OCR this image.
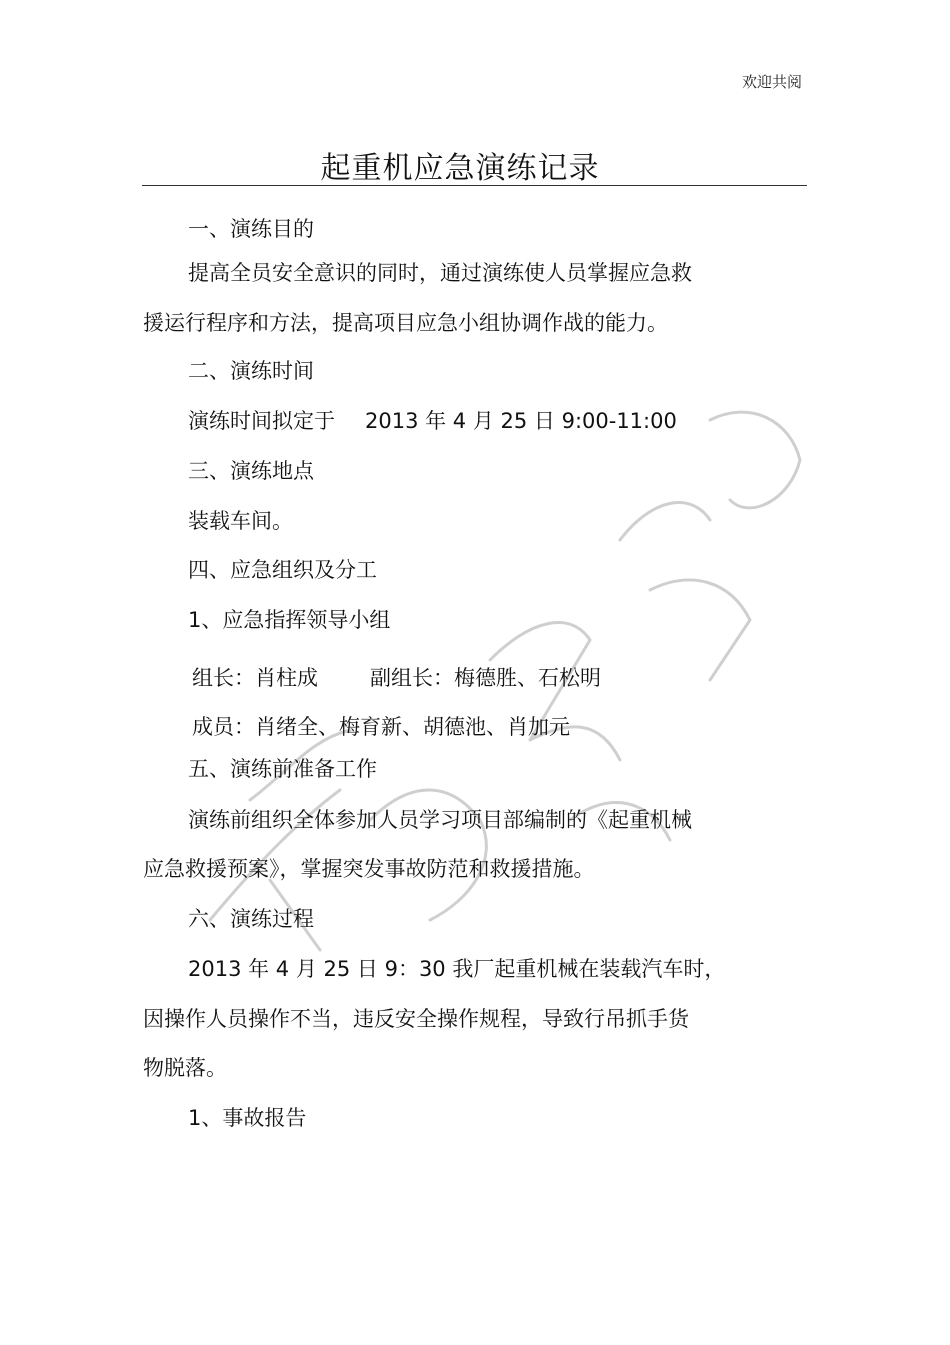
欢迎共阅
起重机应急演练记录
一、演练目的
提高全员安全意识的同时，通过演练使人员掌握应急救
援运行程序和方法，提高项目应急小组协调作战的能力。
二、演练时间
演练时间拟定于 2013 年 4 月 25 日 9:00-11:00
三、演练地点
装载车间。
四、应急组织及分工
1、应急指挥领导小组
组长：肖柱成 副组长：梅德胜、石松明
成员：肖绪全、梅育新、胡德池、肖加元
五、演练前准备工作
演练前组织全体参加人员学习项目部编制的《起重机械
应急救援预案》，掌握突发事故防范和救援措施。
六、演练过程
2013 年 4 月 25 日 9：30 我厂起重机械在装载汽车时，
因操作人员操作不当，违反安全操作规程，导致行吊抓手货
物脱落。
1、事故报告
